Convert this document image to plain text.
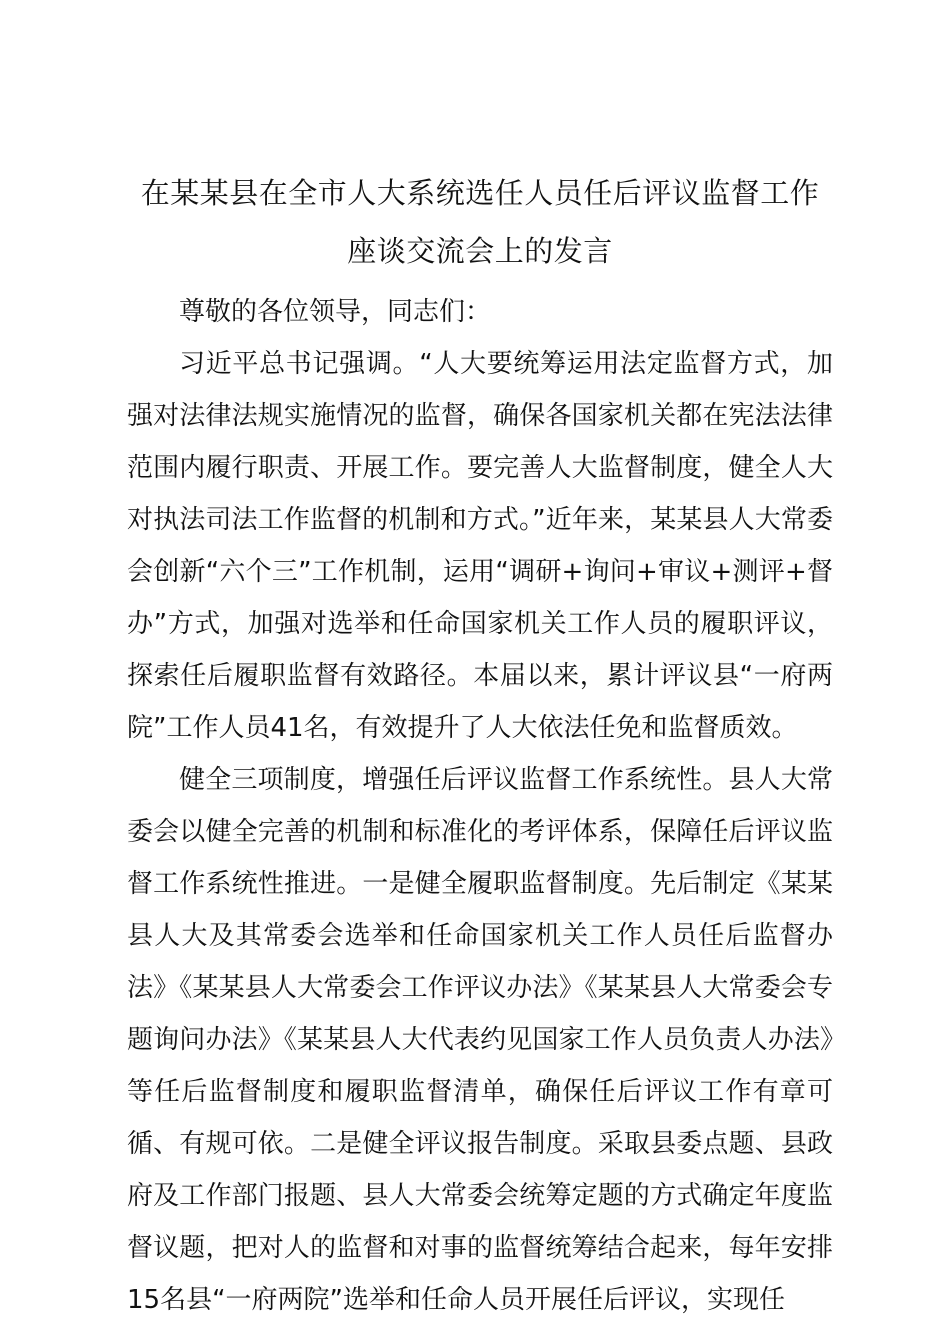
在某某县在全市人大系统选任人员任后评议监督工作座谈交流会上的发言

尊敬的各位领导，同志们：

习近平总书记强调。“人大要统筹运用法定监督方式，加强对法律法规实施情况的监督，确保各国家机关都在宪法法律范围内履行职责、开展工作。要完善人大监督制度，健全人大对执法司法工作监督的机制和方式。”近年来，某某县人大常委会创新“六个三”工作机制，运用“调研+询问+审议+测评+督办”方式，加强对选举和任命国家机关工作人员的履职评议，探索任后履职监督有效路径。本届以来，累计评议县“一府两院”工作人员41名，有效提升了人大依法任免和监督质效。

健全三项制度，增强任后评议监督工作系统性。县人大常委会以健全完善的机制和标准化的考评体系，保障任后评议监督工作系统性推进。一是健全履职监督制度。先后制定《某某县人大及其常委会选举和任命国家机关工作人员任后监督办法》《某某县人大常委会工作评议办法》《某某县人大常委会专题询问办法》《某某县人大代表约见国家工作人员负责人办法》等任后监督制度和履职监督清单，确保任后评议工作有章可循、有规可依。二是健全评议报告制度。采取县委点题、县政府及工作部门报题、县人大常委会统筹定题的方式确定年度监督议题，把对人的监督和对事的监督统筹结合起来，每年安排15名县“一府两院”选举和任命人员开展任后评议，实现任
